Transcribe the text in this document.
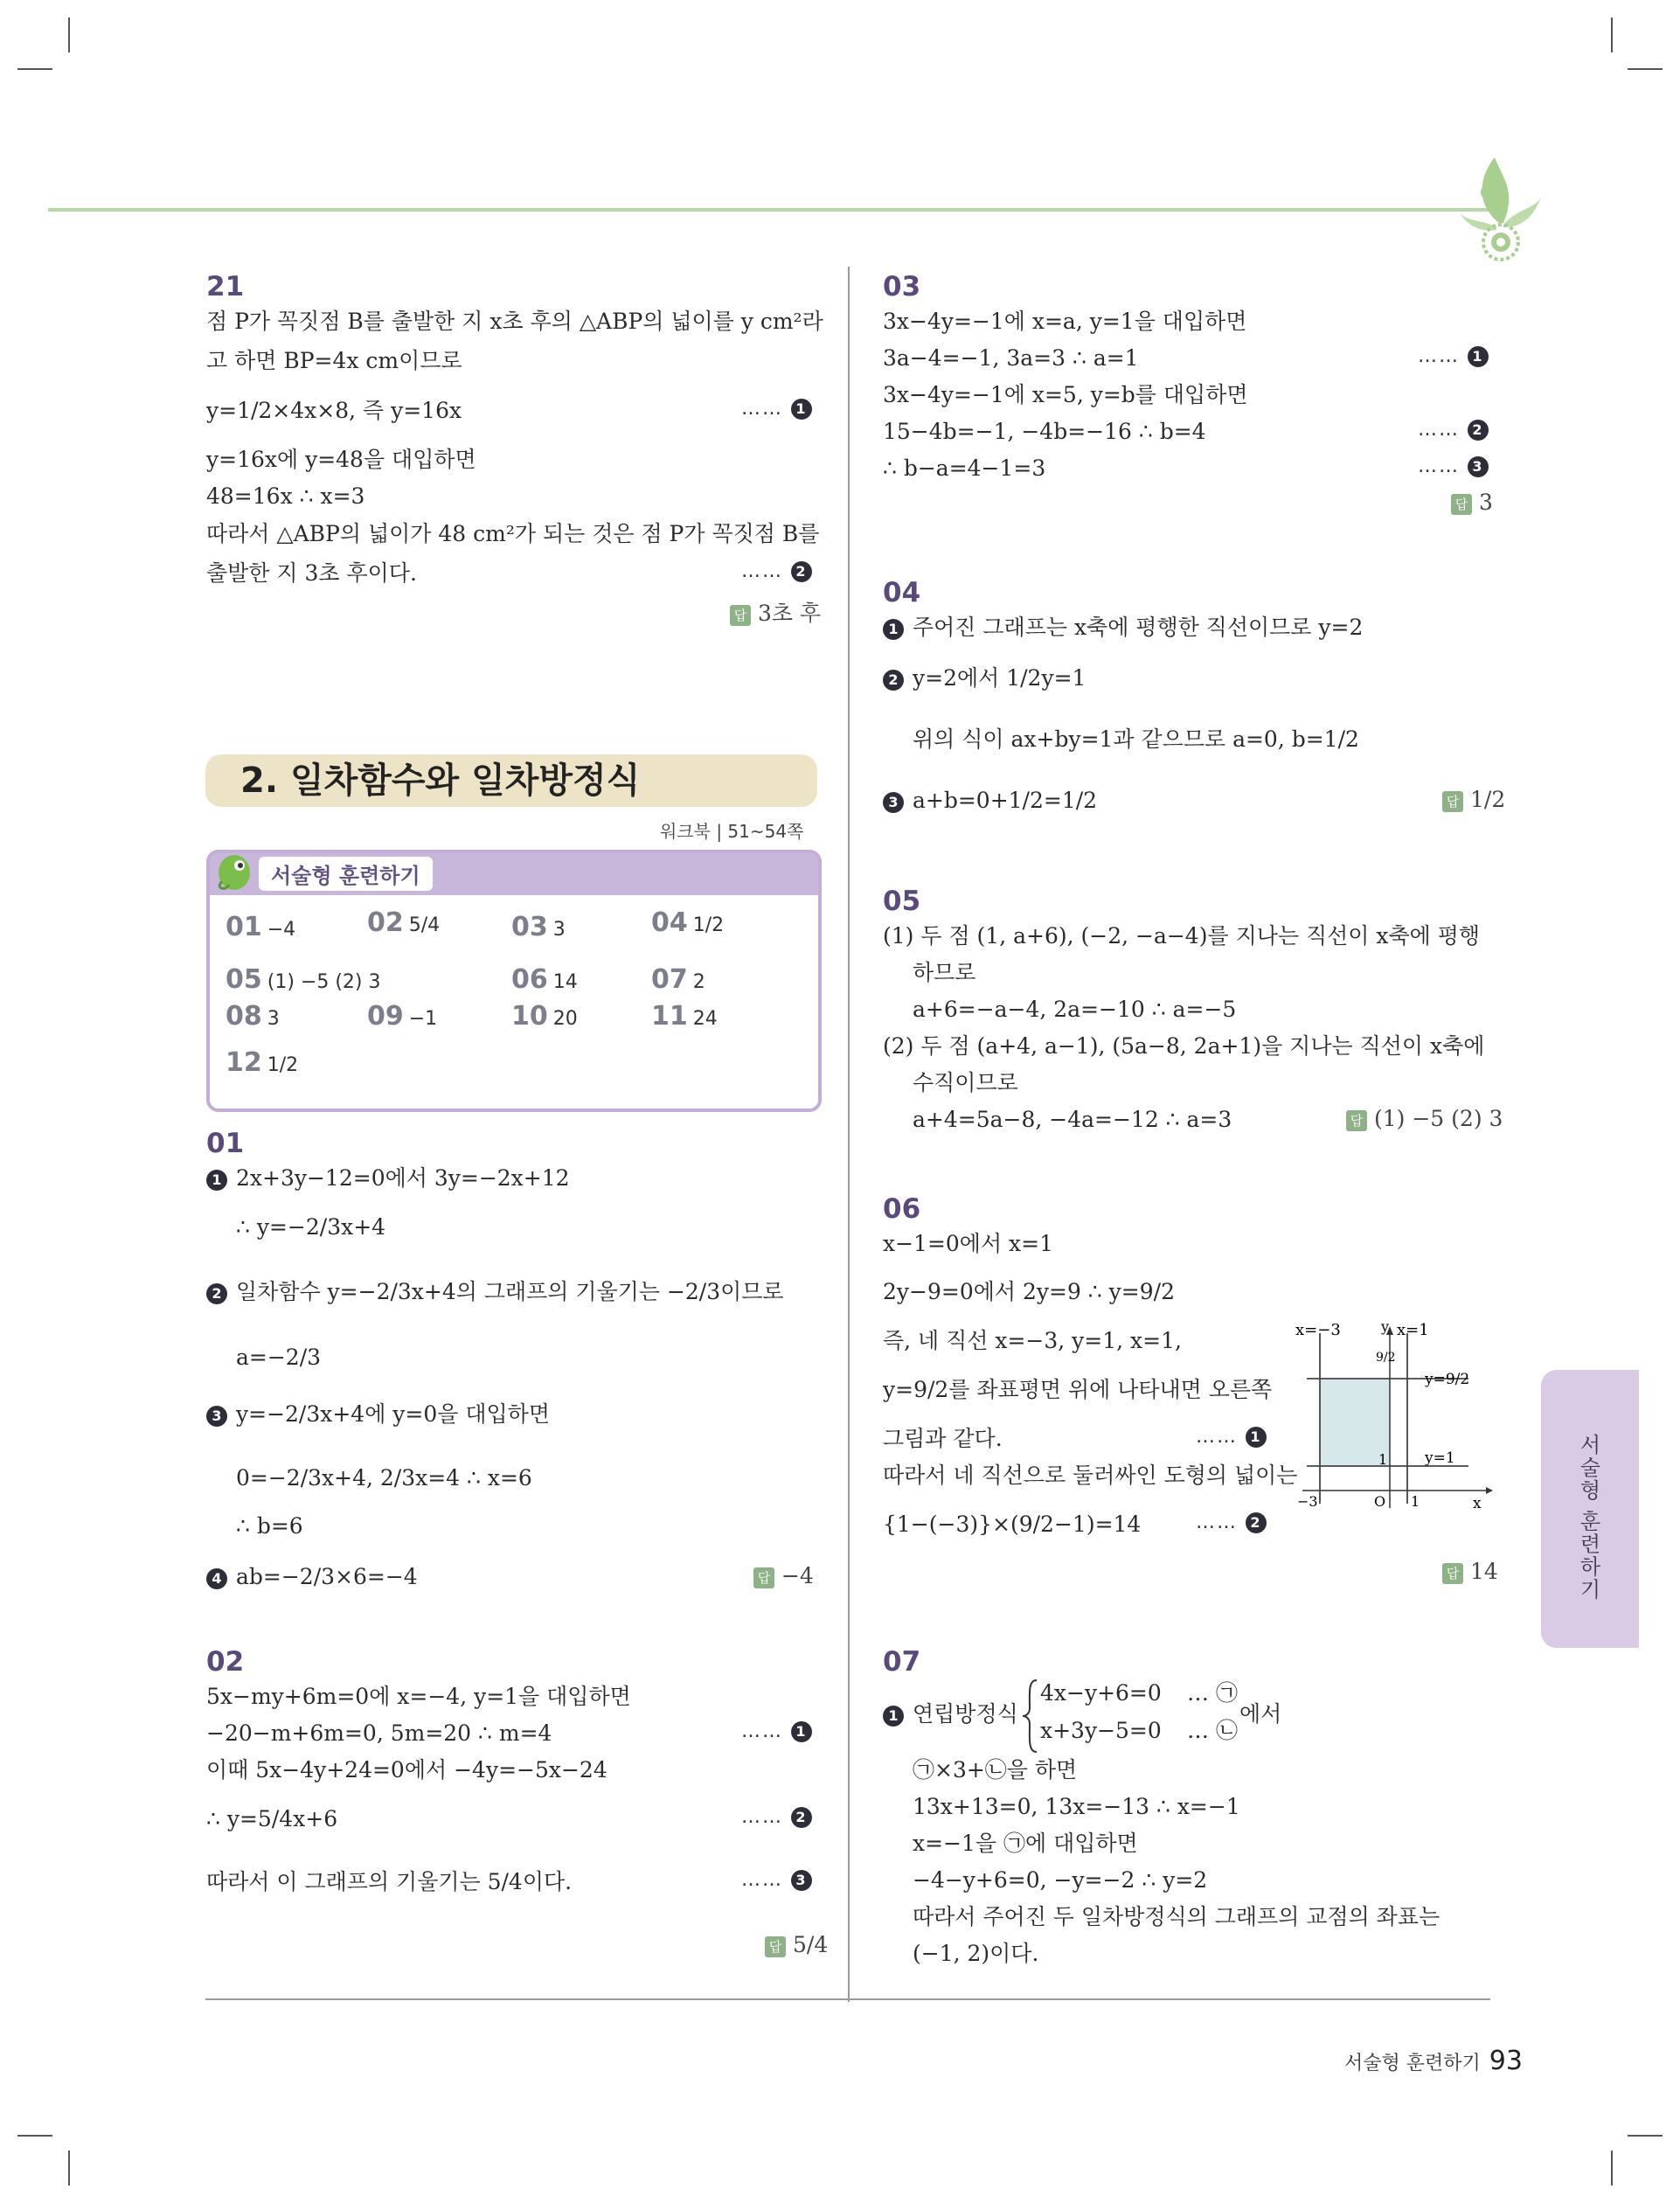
21
점 P가 꼭짓점 B를 출발한 지 x초 후의 △ABP의 넓이를 y cm²라
고 하면 BP=4x cm이므로
y=1/2×4x×8, 즉 y=16x	…… 1
y=16x에 y=48을 대입하면
48=16x ∴ x=3
따라서 △ABP의 넓이가 48 cm²가 되는 것은 점 P가 꼭짓점 B를
출발한 지 3초 후이다.	…… 2
답 3초 후
2. 일차함수와 일차방정식
워크북 | 51~54쪽
서술형 훈련하기
01 −4	02 5/4	03 3	04 1/2
05 (1) −5 (2) 3	06 14	07 2
08 3	09 −1	10 20	11 24
12 1/2
01
1 2x+3y−12=0에서 3y=−2x+12
∴ y=−2/3x+4
2 일차함수 y=−2/3x+4의 그래프의 기울기는 −2/3이므로
a=−2/3
3 y=−2/3x+4에 y=0을 대입하면
0=−2/3x+4, 2/3x=4 ∴ x=6
∴ b=6
4 ab=−2/3×6=−4	답 −4
02
5x−my+6m=0에 x=−4, y=1을 대입하면
−20−m+6m=0, 5m=20 ∴ m=4	…… 1
이때 5x−4y+24=0에서 −4y=−5x−24
∴ y=5/4x+6	…… 2
따라서 이 그래프의 기울기는 5/4이다.	…… 3
답 5/4
03
3x−4y=−1에 x=a, y=1을 대입하면
3a−4=−1, 3a=3 ∴ a=1	…… 1
3x−4y=−1에 x=5, y=b를 대입하면
15−4b=−1, −4b=−16 ∴ b=4	…… 2
∴ b−a=4−1=3	…… 3
답 3
04
1 주어진 그래프는 x축에 평행한 직선이므로 y=2
2 y=2에서 1/2y=1
위의 식이 ax+by=1과 같으므로 a=0, b=1/2
3 a+b=0+1/2=1/2	답 1/2
05
(1) 두 점 (1, a+6), (−2, −a−4)를 지나는 직선이 x축에 평행
하므로
a+6=−a−4, 2a=−10 ∴ a=−5
(2) 두 점 (a+4, a−1), (5a−8, 2a+1)을 지나는 직선이 x축에
수직이므로
a+4=5a−8, −4a=−12 ∴ a=3	답 (1) −5 (2) 3
06
x−1=0에서 x=1
2y−9=0에서 2y=9 ∴ y=9/2
즉, 네 직선 x=−3, y=1, x=1,
y=9/2를 좌표평면 위에 나타내면 오른쪽
그림과 같다.	…… 1
따라서 네 직선으로 둘러싸인 도형의 넓이는
{1−(−3)}×(9/2−1)=14	…… 2
x=−3	x=1
y
9/2
y=9/2
y=1
1
−3	O 1	x
답 14
07
1 연립방정식
4x−y+6=0 … ㉠
x+3y−5=0 … ㉡
에서
㉠×3+㉡을 하면
13x+13=0, 13x=−13 ∴ x=−1
x=−1을 ㉠에 대입하면
−4−y+6=0, −y=−2 ∴ y=2
따라서 주어진 두 일차방정식의 그래프의 교점의 좌표는
(−1, 2)이다.
서술형 훈련하기
서술형 훈련하기 93
